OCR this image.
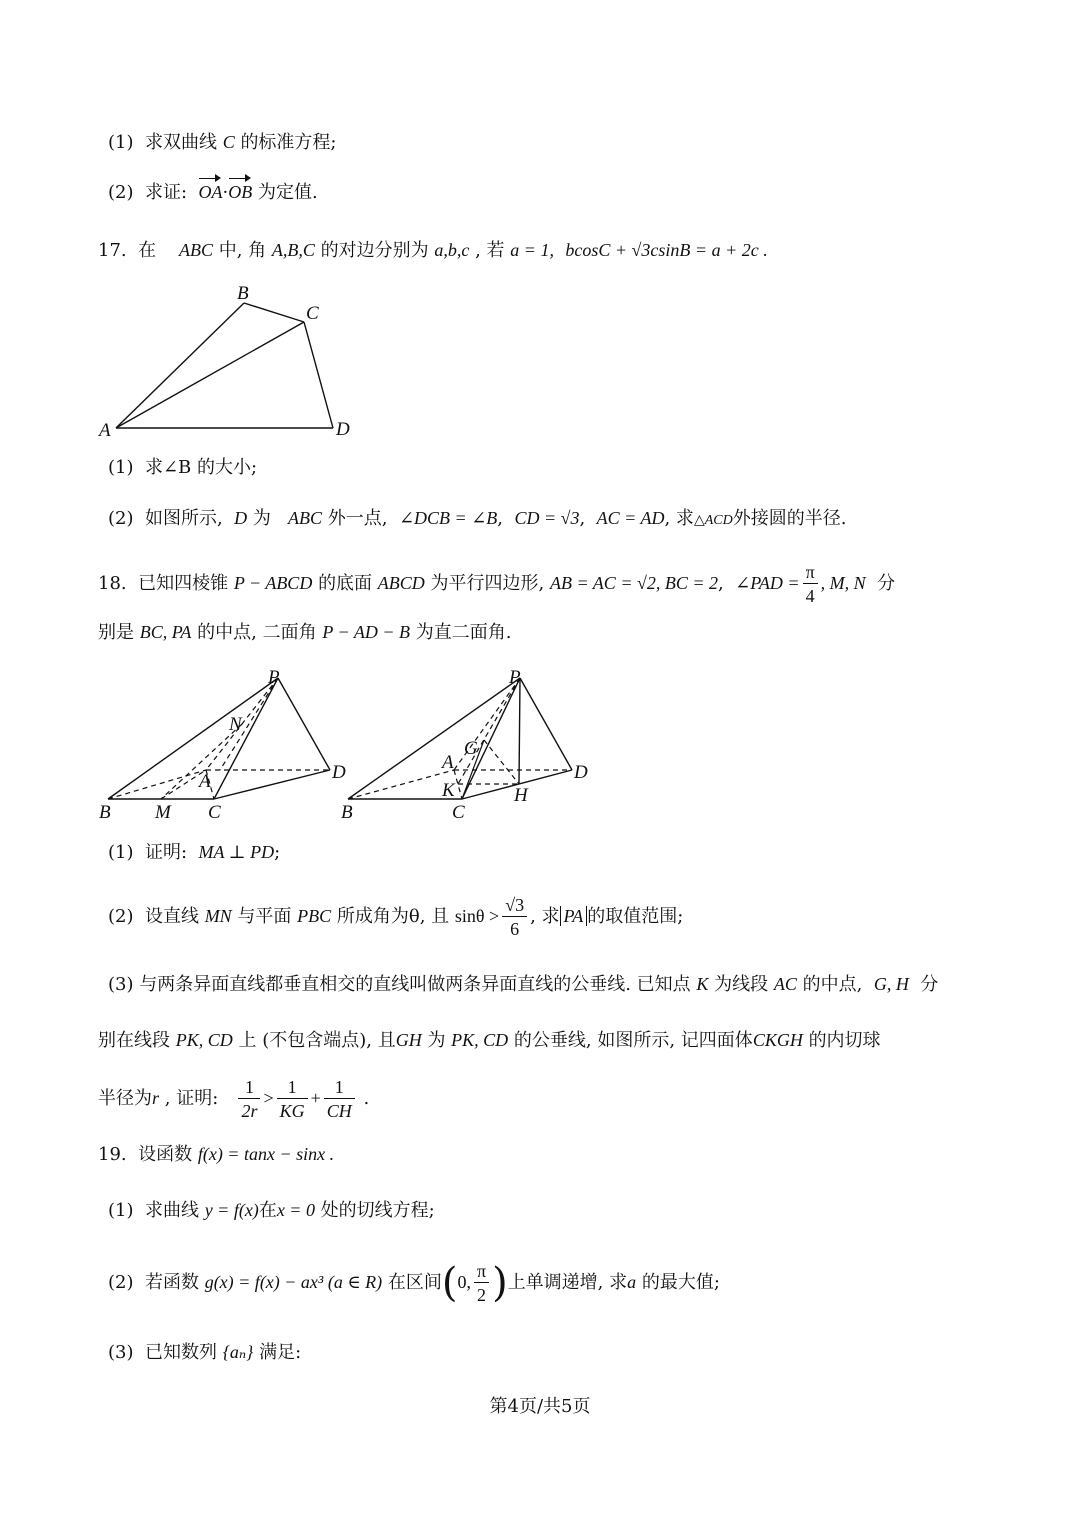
(1) 求双曲线 C 的标准方程;
(2) 求证: OA·OB 为定值.
17. 在 ABC 中, 角 A,B,C 的对边分别为 a,b,c , 若 a = 1, bcosC + √3csinB = a + 2c .
B
C
A	D
(1) 求∠B 的大小;
(2) 如图所示, D 为 ABC 外一点, ∠DCB = ∠B,  CD = √3,  AC = AD, 求△ACD外接圆的半径.
18. 已知四棱锥 P − ABCD 的底面 ABCD 为平行四边形, AB = AC = √2, BC = 2,  ∠PAD = $\frac{\pi}{4}$ , M, N 分
别是 BC, PA 的中点, 二面角 P − AD − B 为直二面角.
P
N
A	D
B M C
P
G
A	D
K	H
B	C
(1) 证明: MA ⊥ PD;
(2) 设直线 MN 与平面 PBC 所成角为θ, 且 $\sin\theta > \frac{√3}{6}$ , 求 PA 的取值范围;
(3) 与两条异面直线都垂直相交的直线叫做两条异面直线的公垂线. 已知点 K 为线段 AC 的中点, G, H 分
别在线段 PK, CD 上 (不包含端点), 且GH 为 PK, CD 的公垂线, 如图所示, 记四面体CKGH 的内切球
半径为r , 证明: $\frac{1}{2r} > \frac{1}{KG} + \frac{1}{CH}$ .
19. 设函数 f(x) = tanx − sinx .
(1) 求曲线 y = f(x)在x = 0 处的切线方程;
(2) 若函数 g(x) = f(x) − ax³ (a ∈ R) 在区间(0, $\frac{\pi}{2}$ )上单调递增, 求a 的最大值;
(3) 已知数列 {aₙ} 满足:
第4页/共5页
